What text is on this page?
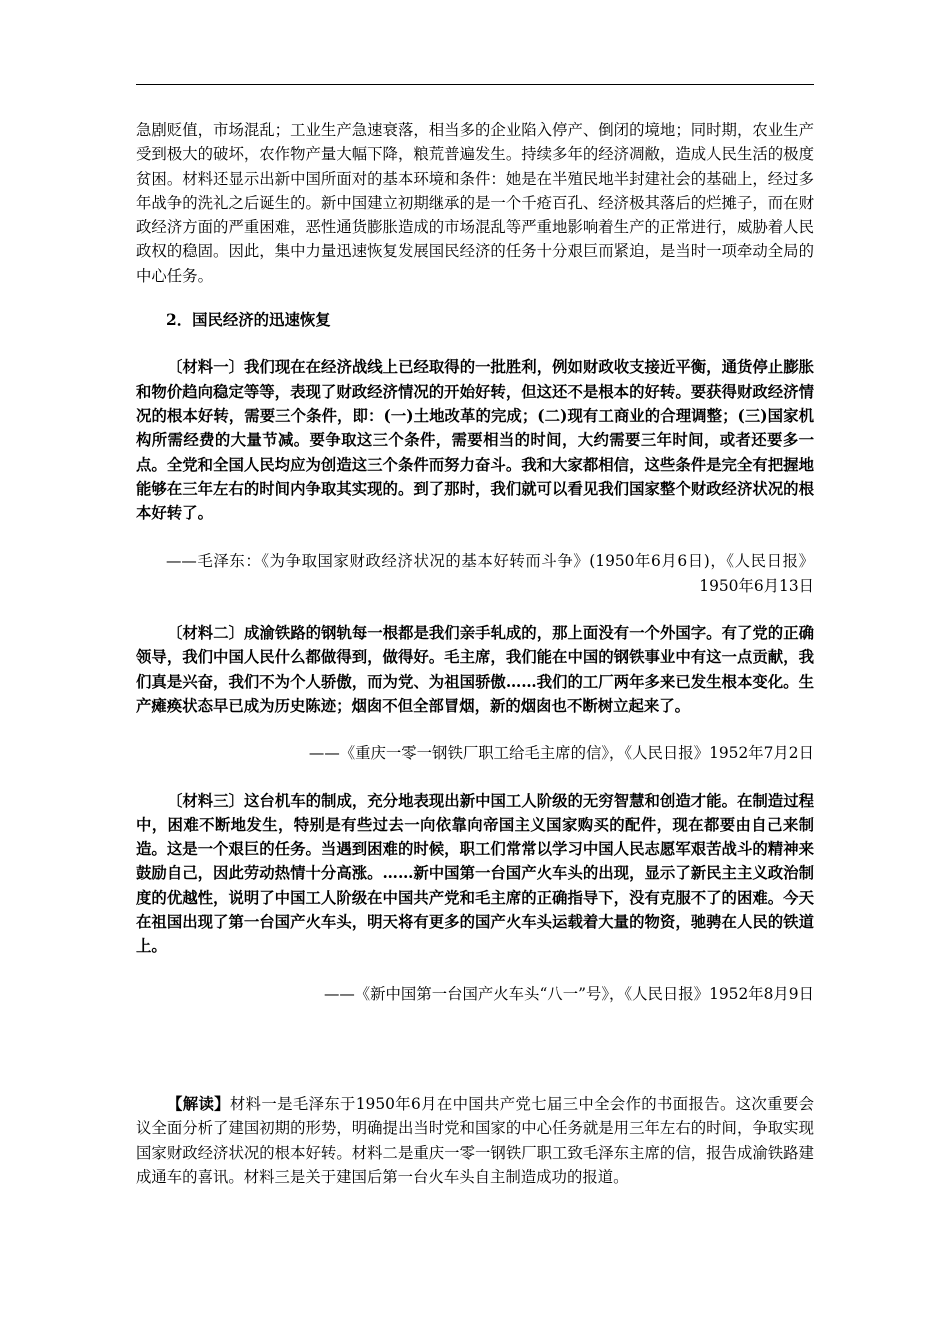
急剧贬值，市场混乱；工业生产急速衰落，相当多的企业陷入停产、倒闭的境地；同时期，农业生产受到极大的破坏，农作物产量大幅下降，粮荒普遍发生。持续多年的经济凋敝，造成人民生活的极度贫困。材料还显示出新中国所面对的基本环境和条件：她是在半殖民地半封建社会的基础上，经过多年战争的洗礼之后诞生的。新中国建立初期继承的是一个千疮百孔、经济极其落后的烂摊子，而在财政经济方面的严重困难，恶性通货膨胀造成的市场混乱等严重地影响着生产的正常进行，威胁着人民政权的稳固。因此，集中力量迅速恢复发展国民经济的任务十分艰巨而紧迫，是当时一项牵动全局的中心任务。

2．国民经济的迅速恢复

〔材料一〕我们现在在经济战线上已经取得的一批胜利，例如财政收支接近平衡，通货停止膨胀和物价趋向稳定等等，表现了财政经济情况的开始好转，但这还不是根本的好转。要获得财政经济情况的根本好转，需要三个条件，即：(一)土地改革的完成；(二)现有工商业的合理调整；(三)国家机构所需经费的大量节减。要争取这三个条件，需要相当的时间，大约需要三年时间，或者还要多一点。全党和全国人民均应为创造这三个条件而努力奋斗。我和大家都相信，这些条件是完全有把握地能够在三年左右的时间内争取其实现的。到了那时，我们就可以看见我们国家整个财政经济状况的根本好转了。

——毛泽东：《为争取国家财政经济状况的基本好转而斗争》(1950年6月6日)，《人民日报》1950年6月13日

〔材料二〕成渝铁路的钢轨每一根都是我们亲手轧成的，那上面没有一个外国字。有了党的正确领导，我们中国人民什么都做得到，做得好。毛主席，我们能在中国的钢铁事业中有这一点贡献，我们真是兴奋，我们不为个人骄傲，而为党、为祖国骄傲……我们的工厂两年多来已发生根本变化。生产瘫痪状态早已成为历史陈迹；烟囱不但全部冒烟，新的烟囱也不断树立起来了。

——《重庆一零一钢铁厂职工给毛主席的信》，《人民日报》1952年7月2日

〔材料三〕这台机车的制成，充分地表现出新中国工人阶级的无穷智慧和创造才能。在制造过程中，困难不断地发生，特别是有些过去一向依靠向帝国主义国家购买的配件，现在都要由自己来制造。这是一个艰巨的任务。当遇到困难的时候，职工们常常以学习中国人民志愿军艰苦战斗的精神来鼓励自己，因此劳动热情十分高涨。……新中国第一台国产火车头的出现，显示了新民主主义政治制度的优越性，说明了中国工人阶级在中国共产党和毛主席的正确指导下，没有克服不了的困难。今天在祖国出现了第一台国产火车头，明天将有更多的国产火车头运载着大量的物资，驰骋在人民的铁道上。

——《新中国第一台国产火车头“八一”号》，《人民日报》1952年8月9日

【解读】材料一是毛泽东于1950年6月在中国共产党七届三中全会作的书面报告。这次重要会议全面分析了建国初期的形势，明确提出当时党和国家的中心任务就是用三年左右的时间，争取实现国家财政经济状况的根本好转。材料二是重庆一零一钢铁厂职工致毛泽东主席的信，报告成渝铁路建成通车的喜讯。材料三是关于建国后第一台火车头自主制造成功的报道。
